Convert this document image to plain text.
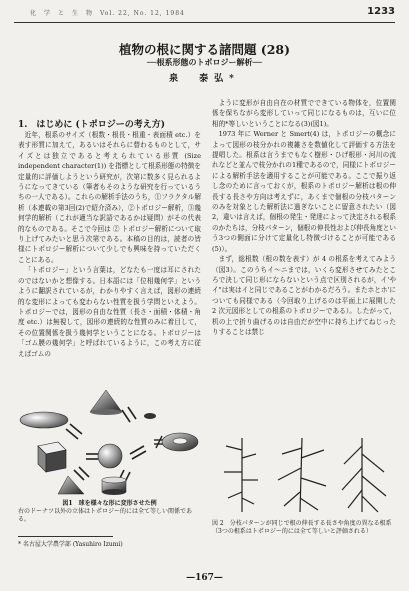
化　学　と　生　物　Vol. 22, No. 12, 1984	1233
植物の根に関する諸問題 (28)
──根系形態のトポロジー解析──
泉　泰弘*
1.　はじめに (トポロジーの考え方)

近年，根系のサイズ（根数・根長・根重・表面積 etc.）を表す形質に加えて，あるいはそれらに替わるものとして，サイズとは独立であると考えられている形質 (Size independent character(1)) を指標として根系形態の特徴を定量的に評価しようという研究が，次第に数多く見られるようになってきている（筆者もそのような研究を行っているうちの一人である）。これらの解析手法のうち，①フラクタル解析（本連載の第3回(2)で紹介済み），②トポロジー解析，③幾何学的解析（これが適当な訳語であるかは疑問）がその代表的なものである。そこで今回は ② トポロジー解析について取り上げてみたいと思う次第である。本稿の目的は，読者の皆様にトポロジー解析について少しでも興味を持っていただくことにある。

「トポロジー」という言葉は，どなたも一度は耳にされたのではないかと想像する。日本語には「位相幾何学」というように翻訳されているが，わかりやすく言えば，図形の連続的な変形によっても変わらない性質を扱う学問といえよう。トポロジーでは，図形の自由な性質（長さ・面積・体積・角度 etc.）は無視して，図形の連続的な性質のみに着目して，その位置関係を扱う幾何学ということになる。トポロジーは「ゴム膜の幾何学」と呼ばれているように，この考え方に従えばゴムの

ように変形が自由自在の材質でできている物体を，位置関係を保ちながら変形していって同じになるものは，互いに位相的*等しいということになる(3)(図1)。

1973 年に Werner と Smert(4) は，トポロジーの概念によって図形の枝分かれの複雑さを数値化して評価する方法を提唱した。根系は言うまでもなく樹形・ひげ根形・河川の流れなどと並んで枝分かれの1種であるので，同様にトポロジーによる解析手法を適用することが可能である。ここで振り返し念のために言っておくが，根系のトポロジー解析は根の伸長する長さや方向は考えずに，あくまで個根の分枝パターンのみを対象とした解析法に過ぎないことに留意されたい（図2，違いは言えば，個根の発生・発達によって決定される根系のかたちは，分枝パターン，個根の伸長性および伸長角度という3つの側面に分けて定量化し特徴づけることが可能である(5)）。

まず，総根数（根の数を表す）が 4 の根系を考えてみよう（図3）。このうちイ〜ニまでは，いくら変形させてみたところで決して同じ形にならないという点で区別されるが，イ'やイ"は実はイと同じであることがわかるだろう。またホとホ'についても同様である（今回取り上げるのは平面上に展開した 2 次元図形としての根系のトポロジーである）。したがって，机の上で折り曲げるのは自由だが空中に持ち上げてねじったりすることは禁じ

図1　球を様々な形に変形させた例
右のドーナツ以外の立体はトポロジー的には全て等しい関係である。
図 2　分枝パターンが同じで根の伸長する長さや角度の異なる根系（3つの根系はトポロジー的には全て等しいと評価される）
* 名古屋大学農学部 (Yasuhiro Izumi)
—167—
